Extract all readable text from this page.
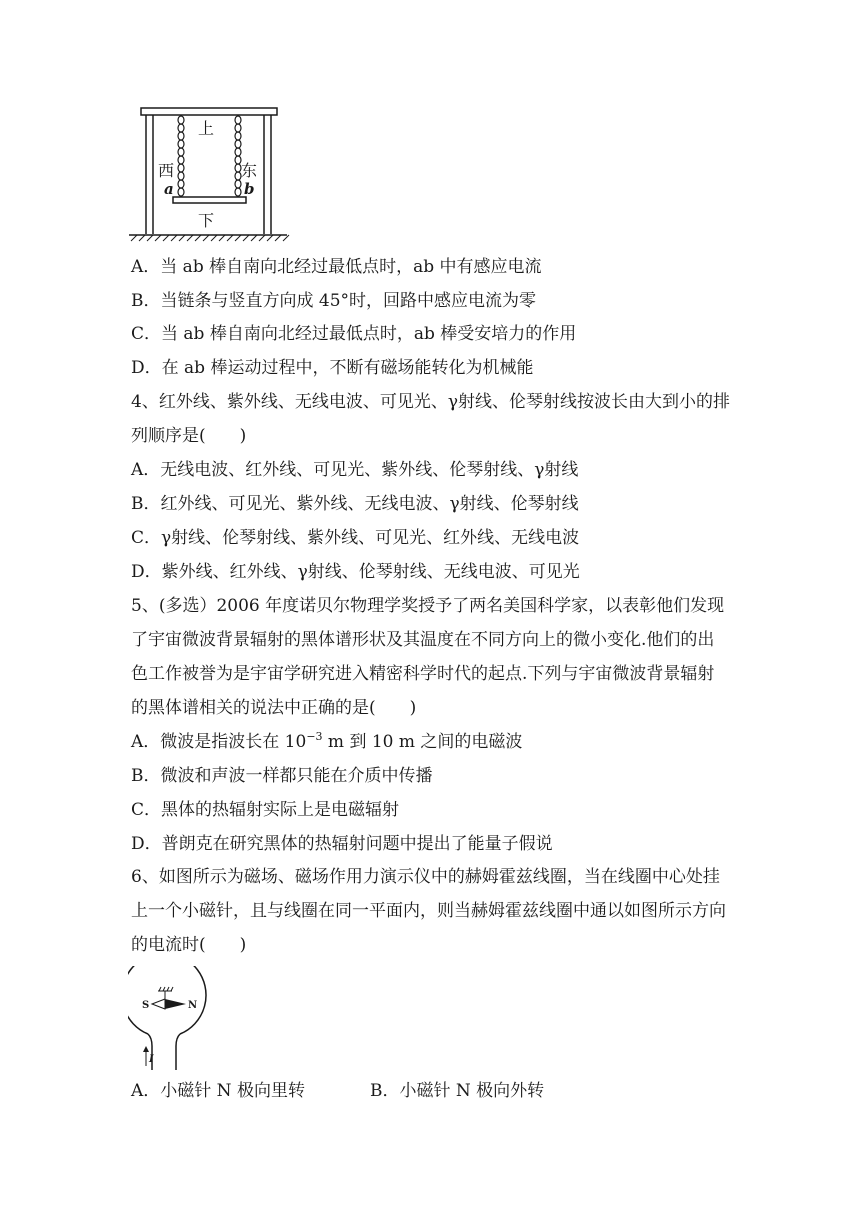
上
下
西	东
a	b
A．当 ab 棒自南向北经过最低点时，ab 中有感应电流
B．当链条与竖直方向成 45°时，回路中感应电流为零
C．当 ab 棒自南向北经过最低点时，ab 棒受安培力的作用
D．在 ab 棒运动过程中，不断有磁场能转化为机械能
4、红外线、紫外线、无线电波、可见光、γ射线、伦琴射线按波长由大到小的排
列顺序是(　　)
A．无线电波、红外线、可见光、紫外线、伦琴射线、γ射线
B．红外线、可见光、紫外线、无线电波、γ射线、伦琴射线
C．γ射线、伦琴射线、紫外线、可见光、红外线、无线电波
D．紫外线、红外线、γ射线、伦琴射线、无线电波、可见光
5、(多选）2006 年度诺贝尔物理学奖授予了两名美国科学家，以表彰他们发现
了宇宙微波背景辐射的黑体谱形状及其温度在不同方向上的微小变化.他们的出
色工作被誉为是宇宙学研究进入精密科学时代的起点.下列与宇宙微波背景辐射
的黑体谱相关的说法中正确的是(　　)
A．微波是指波长在 $10^{-3}$ m 到 10 m 之间的电磁波
B．微波和声波一样都只能在介质中传播
C．黑体的热辐射实际上是电磁辐射
D．普朗克在研究黑体的热辐射问题中提出了能量子假说
6、如图所示为磁场、磁场作用力演示仪中的赫姆霍兹线圈，当在线圈中心处挂
上一个小磁针，且与线圈在同一平面内，则当赫姆霍兹线圈中通以如图所示方向
的电流时(　　)
S	N
I
A．小磁针 N 极向里转	B．小磁针 N 极向外转
